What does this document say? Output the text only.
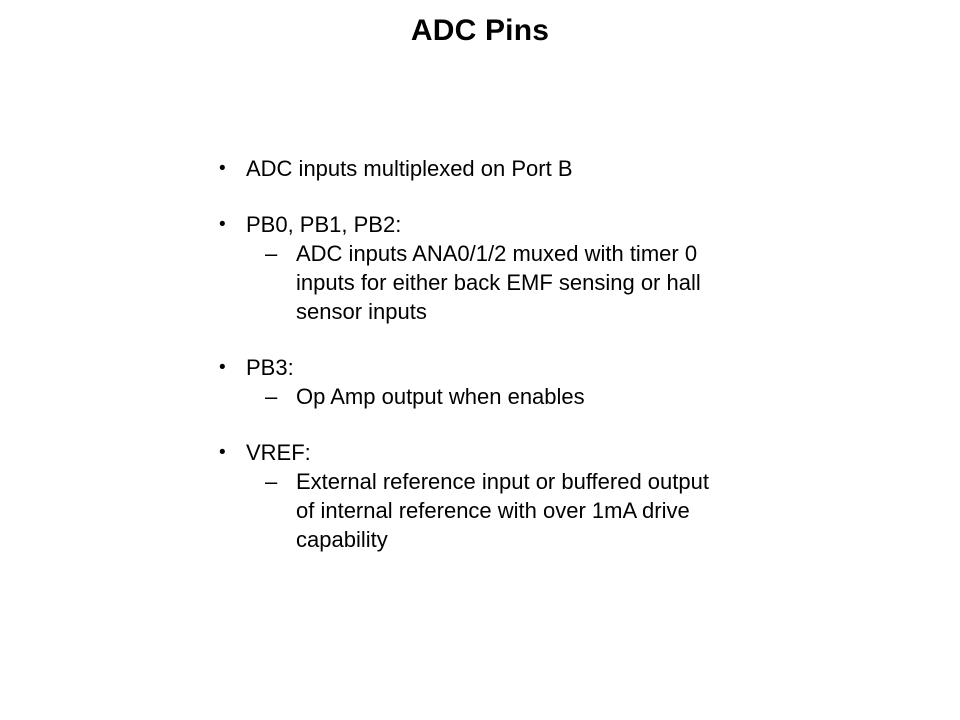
ADC Pins
• ADC inputs multiplexed on Port B
• PB0, PB1, PB2:
– ADC inputs ANA0/1/2 muxed with timer 0
inputs for either back EMF sensing or hall
sensor inputs
• PB3:
– Op Amp output when enables
• VREF:
– External reference input or buffered output
of internal reference with over 1mA drive
capability
